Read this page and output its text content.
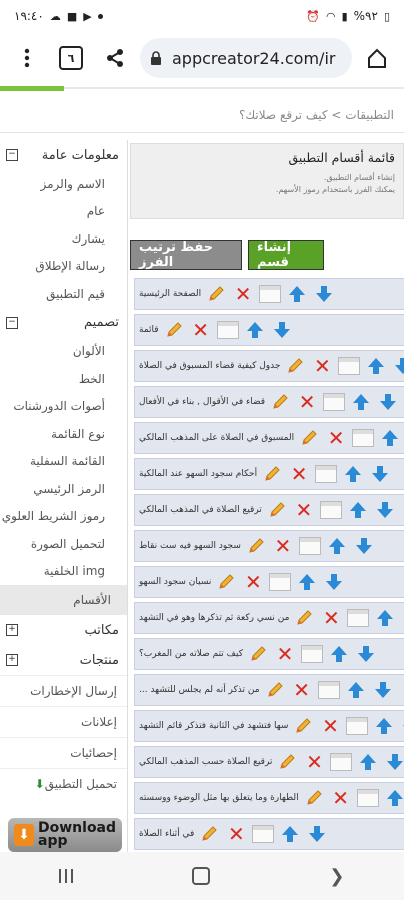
١٩:٤٠ ☁ ■ ▶	⏰ ◠ ▮ %٩٢ ▯
٦	appcreator24.com/ir
التطبيقات > كيف ترقع صلاتك؟
معلومات عامة
−
الاسم والرمز
عام
يشارك
رسالة الإطلاق
قيم التطبيق
تصميم
−
الألوان
الخط
أصوات الدورشنات
نوع القائمة
القائمة السفلية
الرمز الرئيسي
رموز الشريط العلوي
لتحميل الصورة
img الخلفية
الأقسام
مكاتب
+
منتجات
+
إرسال الإخطارات
إعلانات
إحصائيات
تحميل التطبيق
⬇
⬇ Download
app
قائمة أقسام التطبيق
إنشاء أقسام التطبيق.
يمكنك الفرز باستخدام رموز الأسهم.
حفظ ترتيب الفرز
إنشاء قسم
الصفحة الرئيسية ✕
قائمة ✕
جدول كيفية قضاء المسبوق في الصلاة ✕
قضاء في الأقوال , بناء في الأفعال ✕
المسبوق في الصلاة على المذهب المالكي ✕
أحكام سجود السهو عند المالكية ✕
ترقيع الصلاة في المذهب المالكي ✕
سجود السهو فيه ست نقاط ✕
نسيان سجود السهو ✕
من نسي ركعة ثم تذكرها وهو في التشهد ✕
كيف تتم صلاته من المغرب؟ ✕
من تذكر أنه لم يجلس للتشهد ... ✕
سها فتشهد في الثانية فتذكر قائم التشهد ✕
ترقيع الصلاة حسب المذهب المالكي ✕
الطهارة وما يتعلق بها مثل الوضوء ووسسته ✕
في أثناء الصلاة ✕
❯
